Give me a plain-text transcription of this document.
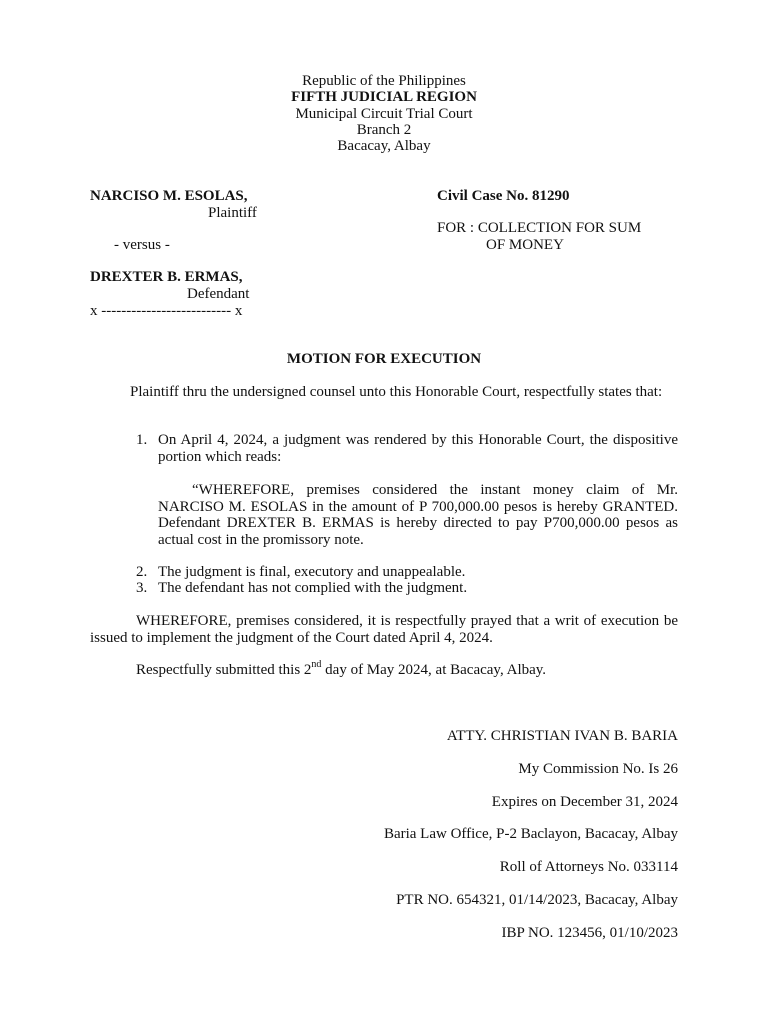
Republic of the Philippines
FIFTH JUDICIAL REGION
Municipal Circuit Trial Court
Branch 2
Bacacay, Albay
NARCISO M. ESOLAS,
Plaintiff
- versus -
DREXTER B. ERMAS,
Defendant
x -------------------------- x
Civil Case No. 81290
FOR : COLLECTION FOR SUM
OF MONEY
MOTION FOR EXECUTION
Plaintiff thru the undersigned counsel unto this Honorable Court, respectfully states that:
1. On April 4, 2024, a judgment was rendered by this Honorable Court, the dispositive portion which reads:
“WHEREFORE, premises considered the instant money claim of Mr. NARCISO M. ESOLAS in the amount of P 700,000.00 pesos is hereby GRANTED. Defendant DREXTER B. ERMAS is hereby directed to pay P700,000.00 pesos as actual cost in the promissory note.
2. The judgment is final, executory and unappealable.
3. The defendant has not complied with the judgment.
WHEREFORE, premises considered, it is respectfully prayed that a writ of execution be issued to implement the judgment of the Court dated April 4, 2024.
Respectfully submitted this 2nd day of May 2024, at Bacacay, Albay.
ATTY. CHRISTIAN IVAN B. BARIA
My Commission No. Is 26
Expires on December 31, 2024
Baria Law Office, P-2 Baclayon, Bacacay, Albay
Roll of Attorneys No. 033114
PTR NO. 654321, 01/14/2023, Bacacay, Albay
IBP NO. 123456, 01/10/2023
